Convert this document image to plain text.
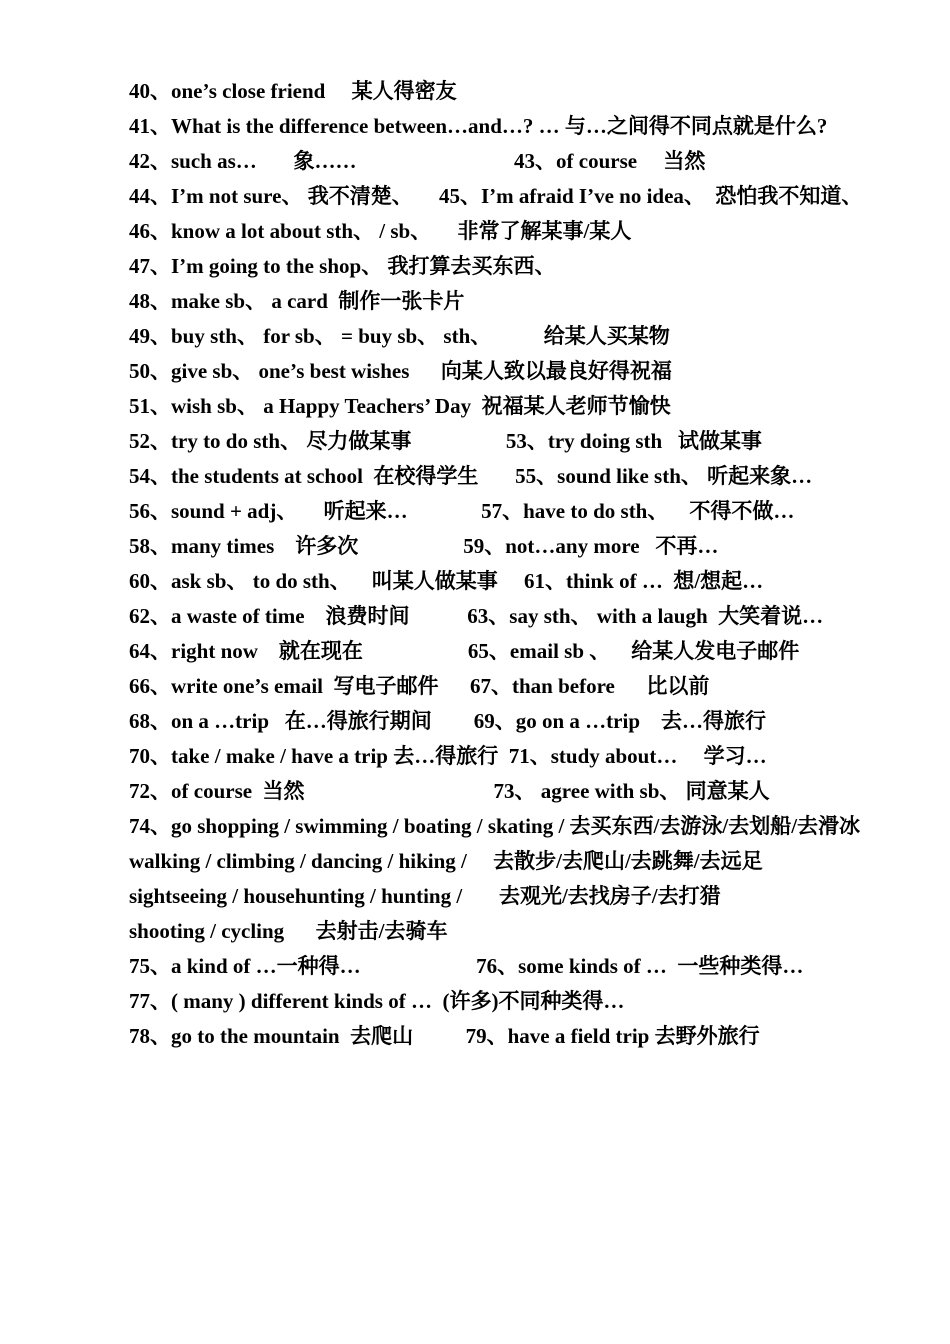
40、one’s close friend     某人得密友
41、What is the difference between…and…? … 与…之间得不同点就是什么?
42、such as…       象……                              43、of course     当然
44、I’m not sure、 我不清楚、     45、I’m afraid I’ve no idea、  恐怕我不知道、
46、know a lot about sth、 / sb、     非常了解某事/某人
47、I’m going to the shop、 我打算去买东西、
48、make sb、 a card  制作一张卡片
49、buy sth、 for sb、 = buy sb、 sth、          给某人买某物
50、give sb、 one’s best wishes      向某人致以最良好得祝福
51、wish sb、 a Happy Teachers’ Day  祝福某人老师节愉快
52、try to do sth、 尽力做某事                  53、try doing sth   试做某事
54、the students at school  在校得学生       55、sound like sth、 听起来象…
56、sound + adj、     听起来…              57、have to do sth、    不得不做…
58、many times    许多次                    59、not…any more   不再…
60、ask sb、 to do sth、    叫某人做某事     61、think of …  想/想起…
62、a waste of time    浪费时间           63、say sth、 with a laugh  大笑着说…
64、right now    就在现在                    65、email sb 、    给某人发电子邮件
66、write one’s email  写电子邮件      67、than before      比以前
68、on a …trip   在…得旅行期间        69、go on a …trip    去…得旅行
70、take / make / have a trip 去…得旅行  71、study about…     学习…
72、of course  当然                                    73、 agree with sb、 同意某人
74、go shopping / swimming / boating / skating / 去买东西/去游泳/去划船/去滑冰
walking / climbing / dancing / hiking /     去散步/去爬山/去跳舞/去远足
sightseeing / househunting / hunting /       去观光/去找房子/去打猎
shooting / cycling      去射击/去骑车
75、a kind of …一种得…                      76、some kinds of …  一些种类得…
77、( many ) different kinds of …  (许多)不同种类得…
78、go to the mountain  去爬山          79、have a field trip 去野外旅行
